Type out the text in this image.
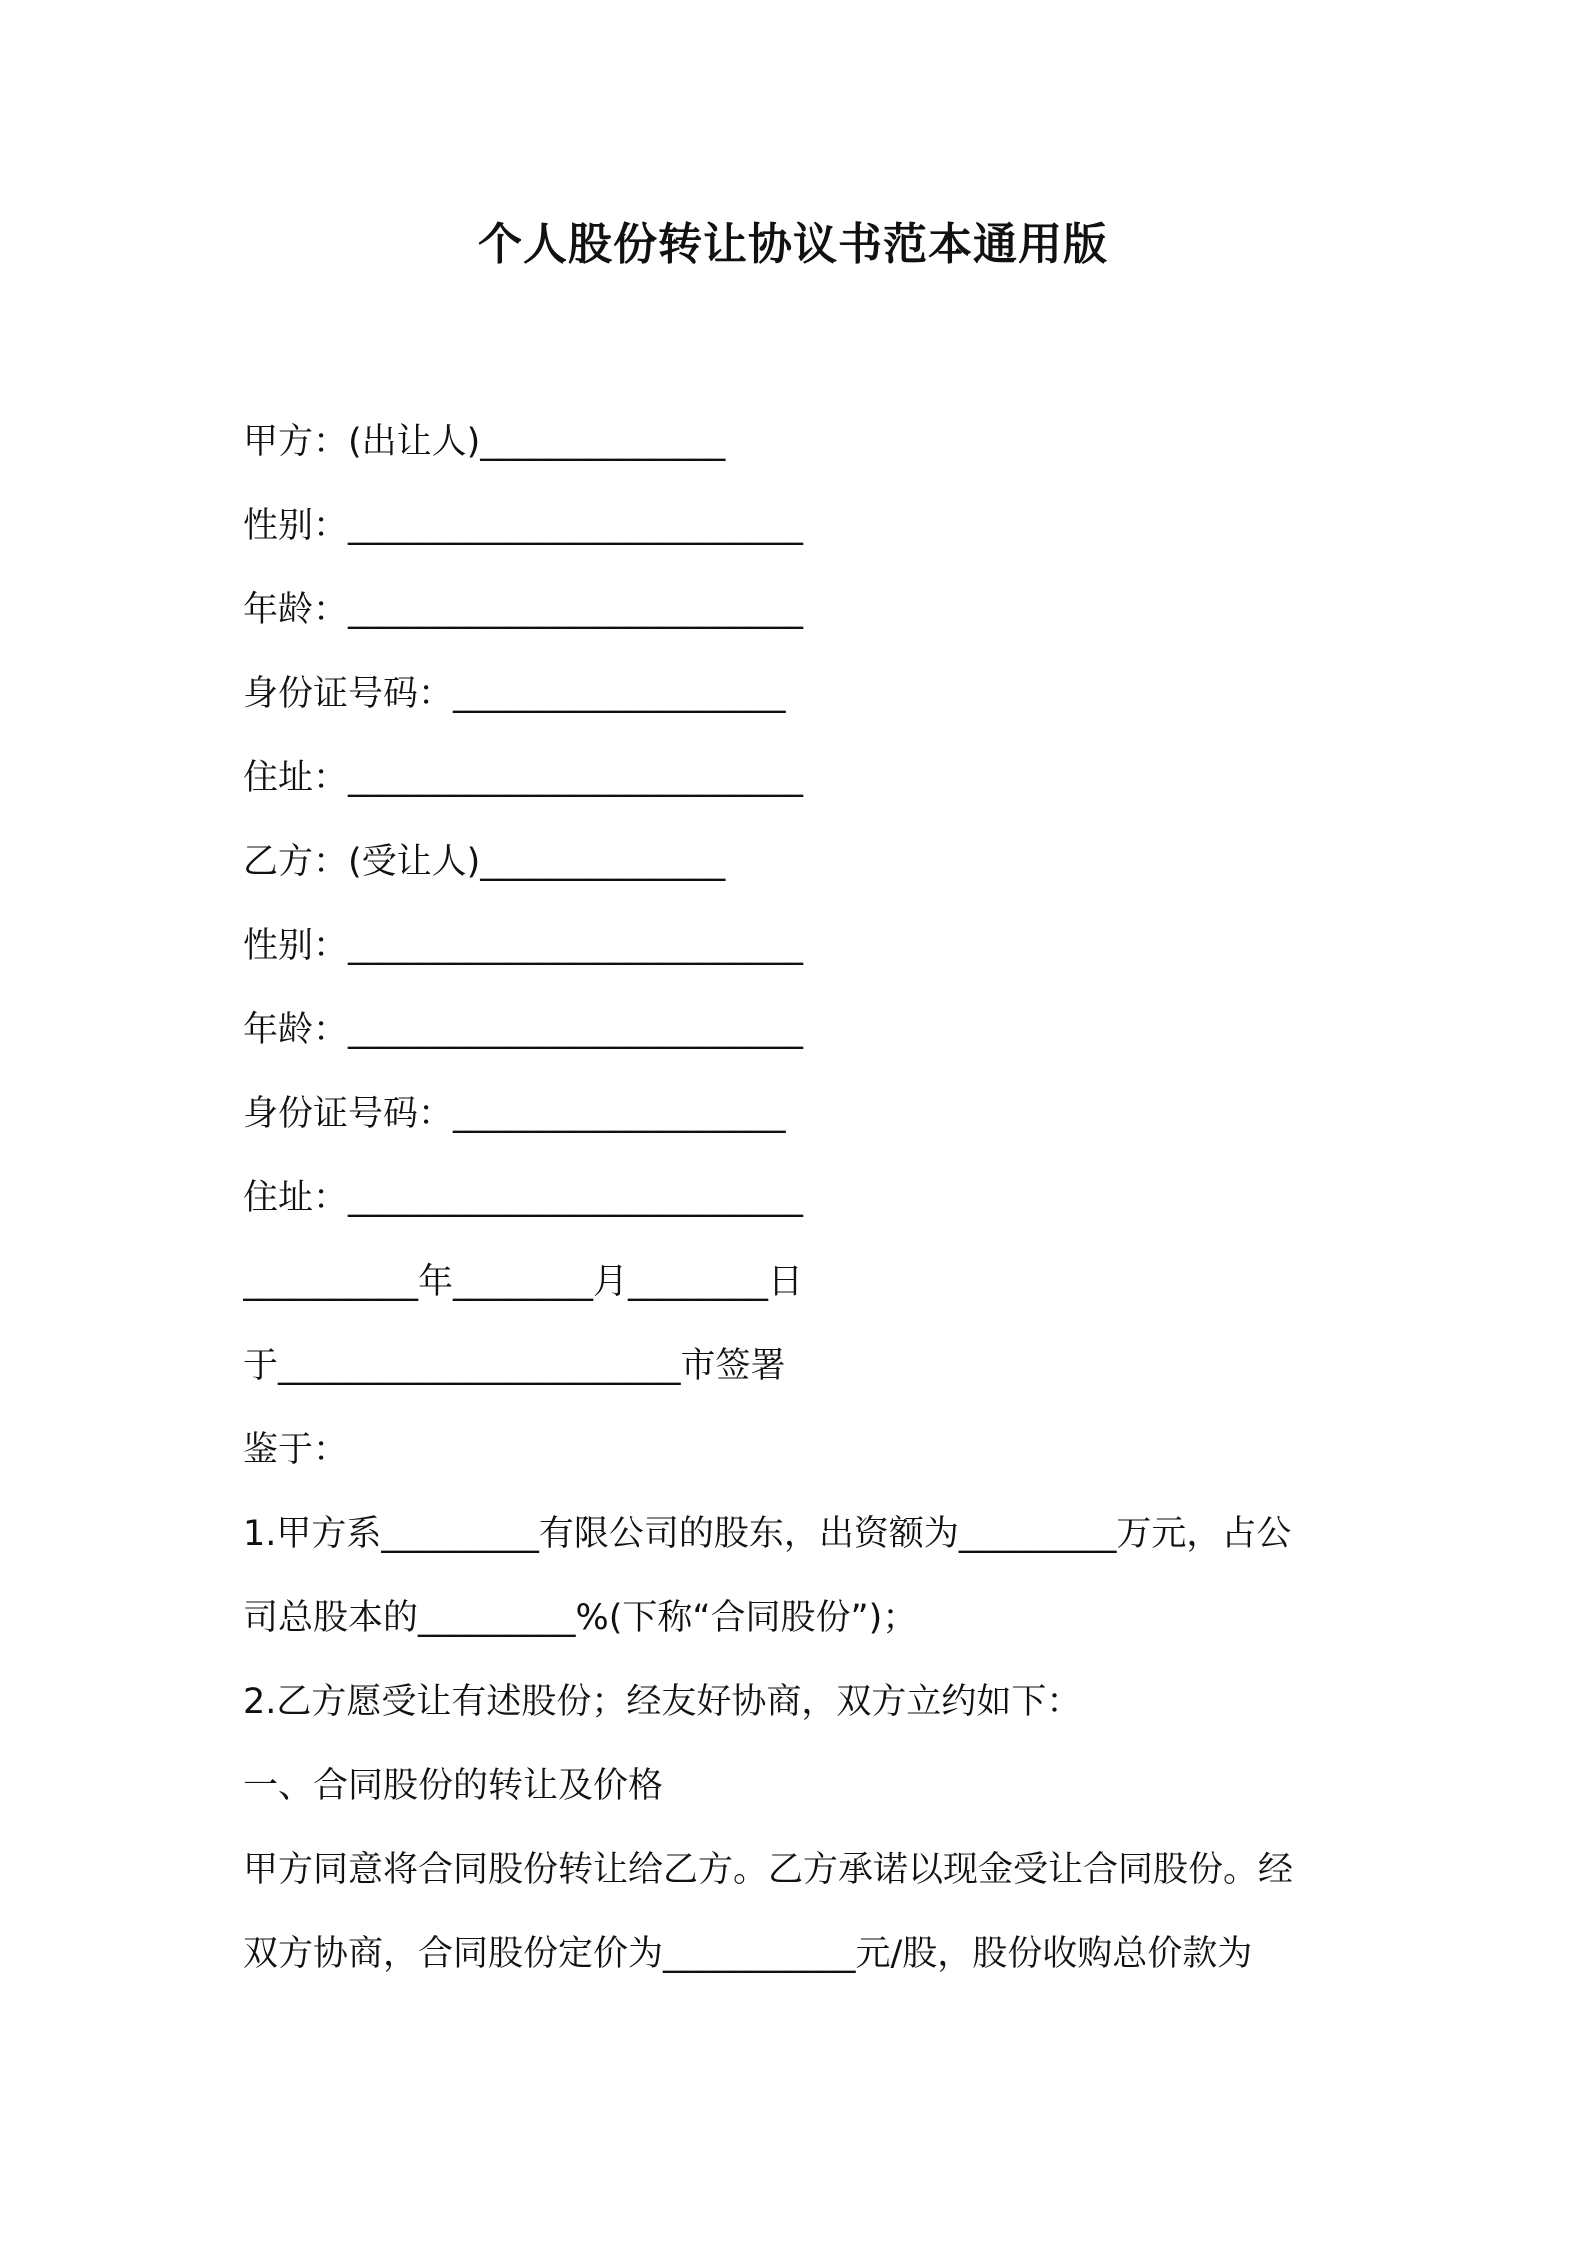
个人股份转让协议书范本通用版
甲方：(出让人)______________
性别：__________________________
年龄：__________________________
身份证号码：___________________
住址：__________________________
乙方：(受让人)______________
性别：__________________________
年龄：__________________________
身份证号码：___________________
住址：__________________________
__________年________月________日
于_______________________市签署
鉴于：
1.甲方系_________有限公司的股东，出资额为_________万元，占公
司总股本的_________%(下称“合同股份”)；
2.乙方愿受让有述股份；经友好协商，双方立约如下：
一、合同股份的转让及价格
甲方同意将合同股份转让给乙方。乙方承诺以现金受让合同股份。经
双方协商，合同股份定价为___________元/股，股份收购总价款为
